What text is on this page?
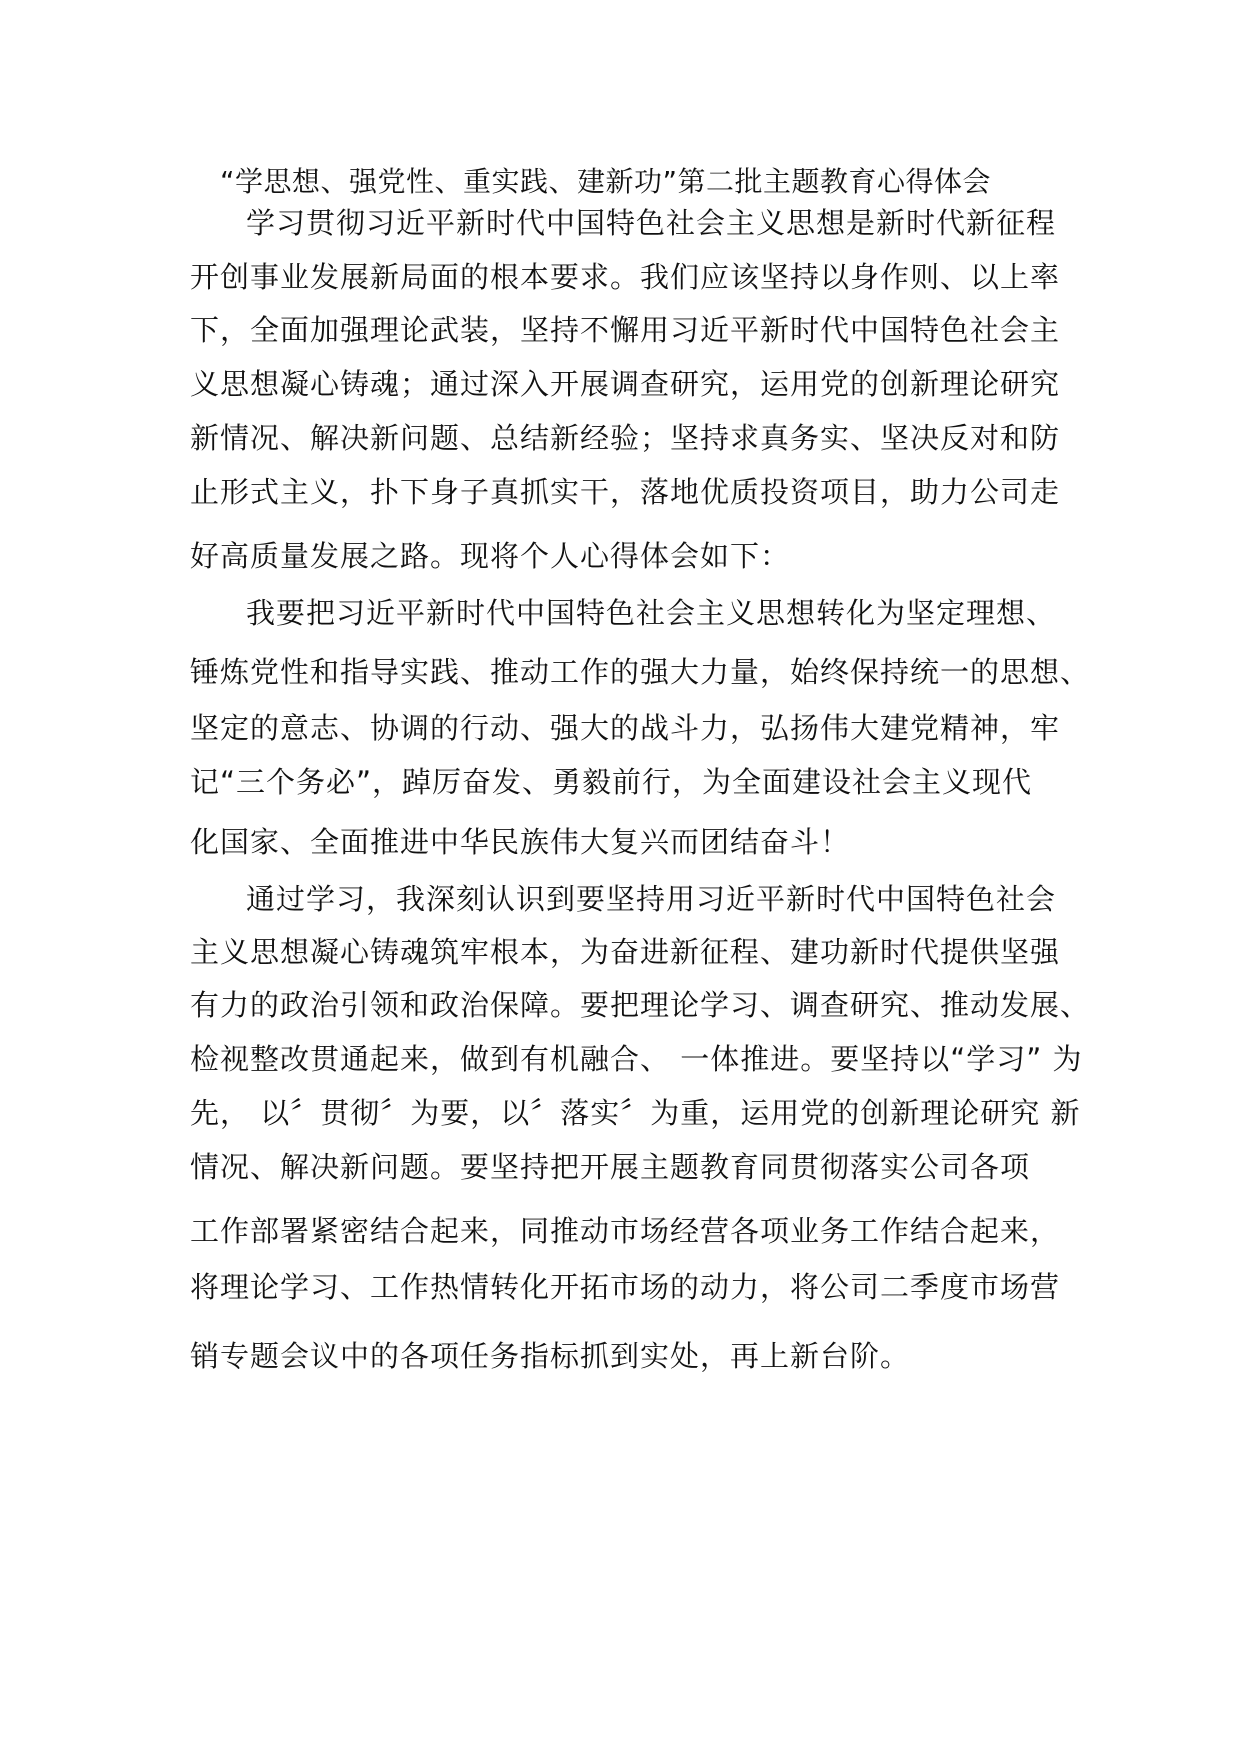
“学思想、强党性、重实践、建新功”第二批主题教育心得体会
学习贯彻习近平新时代中国特色社会主义思想是新时代新征程
开创事业发展新局面的根本要求。我们应该坚持以身作则、以上率
下，全面加强理论武装，坚持不懈用习近平新时代中国特色社会主
义思想凝心铸魂；通过深入开展调查研究，运用党的创新理论研究
新情况、解决新问题、总结新经验；坚持求真务实、坚决反对和防
止形式主义，扑下身子真抓实干，落地优质投资项目，助力公司走
好高质量发展之路。现将个人心得体会如下：
我要把习近平新时代中国特色社会主义思想转化为坚定理想、
锤炼党性和指导实践、推动工作的强大力量，始终保持统一的思想、
坚定的意志、协调的行动、强大的战斗力，弘扬伟大建党精神，牢
记“三个务必”，踔厉奋发、勇毅前行，为全面建设社会主义现代
化国家、全面推进中华民族伟大复兴而团结奋斗！
通过学习，我深刻认识到要坚持用习近平新时代中国特色社会
主义思想凝心铸魂筑牢根本，为奋进新征程、建功新时代提供坚强
有力的政治引领和政治保障。要把理论学习、调查研究、推动发展、
检视整改贯通起来，做到有机融合、 一体推进。要坚持以“学习” 为
先， 以〞贯彻〞为要，以〞落实〞为重，运用党的创新理论研究 新
情况、解决新问题。要坚持把开展主题教育同贯彻落实公司各项
工作部署紧密结合起来，同推动市场经营各项业务工作结合起来，
将理论学习、工作热情转化开拓市场的动力，将公司二季度市场营
销专题会议中的各项任务指标抓到实处，再上新台阶。
